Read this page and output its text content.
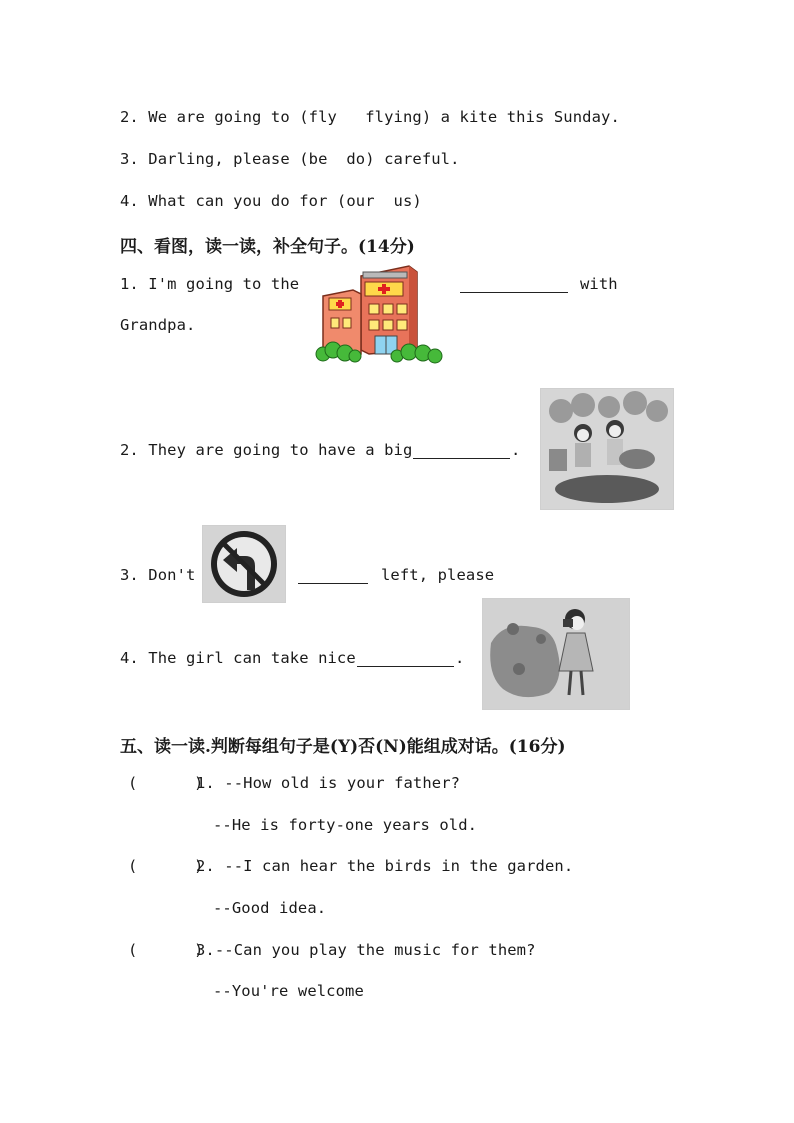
2. We are going to (fly   flying) a kite this Sunday.
3. Darling, please (be  do) careful.
4. What can you do for (our  us)
四、看图，读一读，补全句子。(14分)
1. I'm going to the	with
Grandpa.
2. They are going to have a big	.
3. Don't	left, please
4. The girl can take nice	.
五、读一读.判断每组句子是(Y)否(N)能组成对话。(16分)
(      )
1. --How old is your father?
--He is forty-one years old.
(      )
2. --I can hear the birds in the garden.
--Good idea.
(      )
3.--Can you play the music for them?
--You're welcome
